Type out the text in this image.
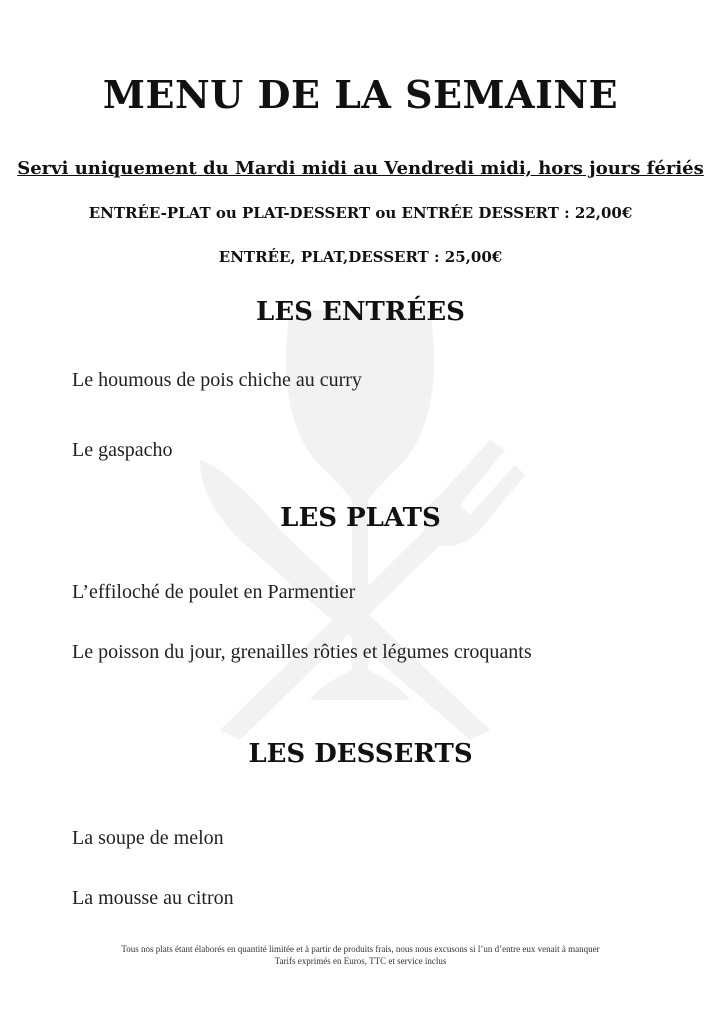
MENU DE LA SEMAINE
Servi uniquement du Mardi midi au Vendredi midi, hors jours fériés
ENTRÉE-PLAT ou PLAT-DESSERT ou ENTRÉE DESSERT : 22,00€
ENTRÉE, PLAT,DESSERT : 25,00€
LES ENTRÉES
Le houmous de pois chiche au curry
Le gaspacho
LES PLATS
L’effiloché de poulet en Parmentier
Le poisson du jour, grenailles rôties et légumes croquants
LES DESSERTS
La soupe de melon
La mousse au citron
Tous nos plats étant élaborés en quantité limitée et à partir de produits frais, nous nous excusons si l’un d’entre eux venait à manquer
Tarifs exprimés en Euros, TTC et service inclus
